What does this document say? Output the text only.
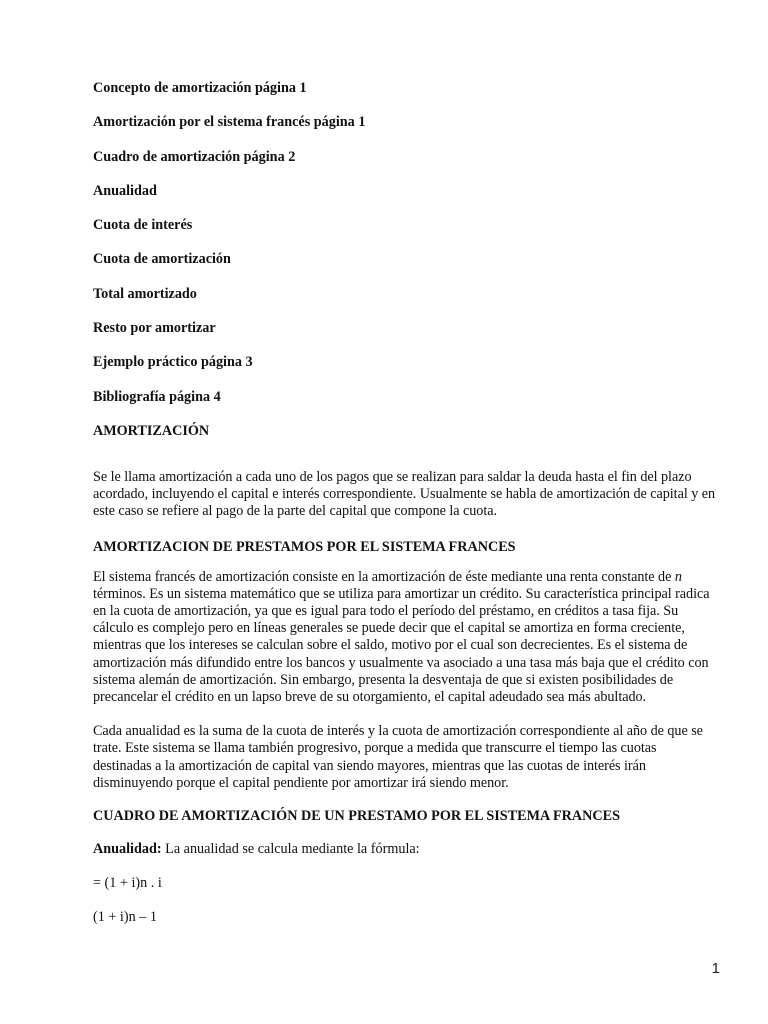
Concepto de amortización página 1

Amortización por el sistema francés página 1

Cuadro de amortización página 2

Anualidad

Cuota de interés

Cuota de amortización

Total amortizado

Resto por amortizar

Ejemplo práctico página 3

Bibliografía página 4

AMORTIZACIÓN

Se le llama amortización a cada uno de los pagos que se realizan para saldar la deuda hasta el fin del plazo
acordado, incluyendo el capital e interés correspondiente. Usualmente se habla de amortización de capital y en
este caso se refiere al pago de la parte del capital que compone la cuota.

AMORTIZACION DE PRESTAMOS POR EL SISTEMA FRANCES

El sistema francés de amortización consiste en la amortización de éste mediante una renta constante de n
términos. Es un sistema matemático que se utiliza para amortizar un crédito. Su característica principal radica
en la cuota de amortización, ya que es igual para todo el período del préstamo, en créditos a tasa fija. Su
cálculo es complejo pero en líneas generales se puede decir que el capital se amortiza en forma creciente,
mientras que los intereses se calculan sobre el saldo, motivo por el cual son decrecientes. Es el sistema de
amortización más difundido entre los bancos y usualmente va asociado a una tasa más baja que el crédito con
sistema alemán de amortización. Sin embargo, presenta la desventaja de que si existen posibilidades de
precancelar el crédito en un lapso breve de su otorgamiento, el capital adeudado sea más abultado.
Cada anualidad es la suma de la cuota de interés y la cuota de amortización correspondiente al año de que se
trate. Este sistema se llama también progresivo, porque a medida que transcurre el tiempo las cuotas
destinadas a la amortización de capital van siendo mayores, mientras que las cuotas de interés irán
disminuyendo porque el capital pendiente por amortizar irá siendo menor.

CUADRO DE AMORTIZACIÓN DE UN PRESTAMO POR EL SISTEMA FRANCES

Anualidad: La anualidad se calcula mediante la fórmula:

= (1 + i)n . i

(1 + i)n – 1

1
